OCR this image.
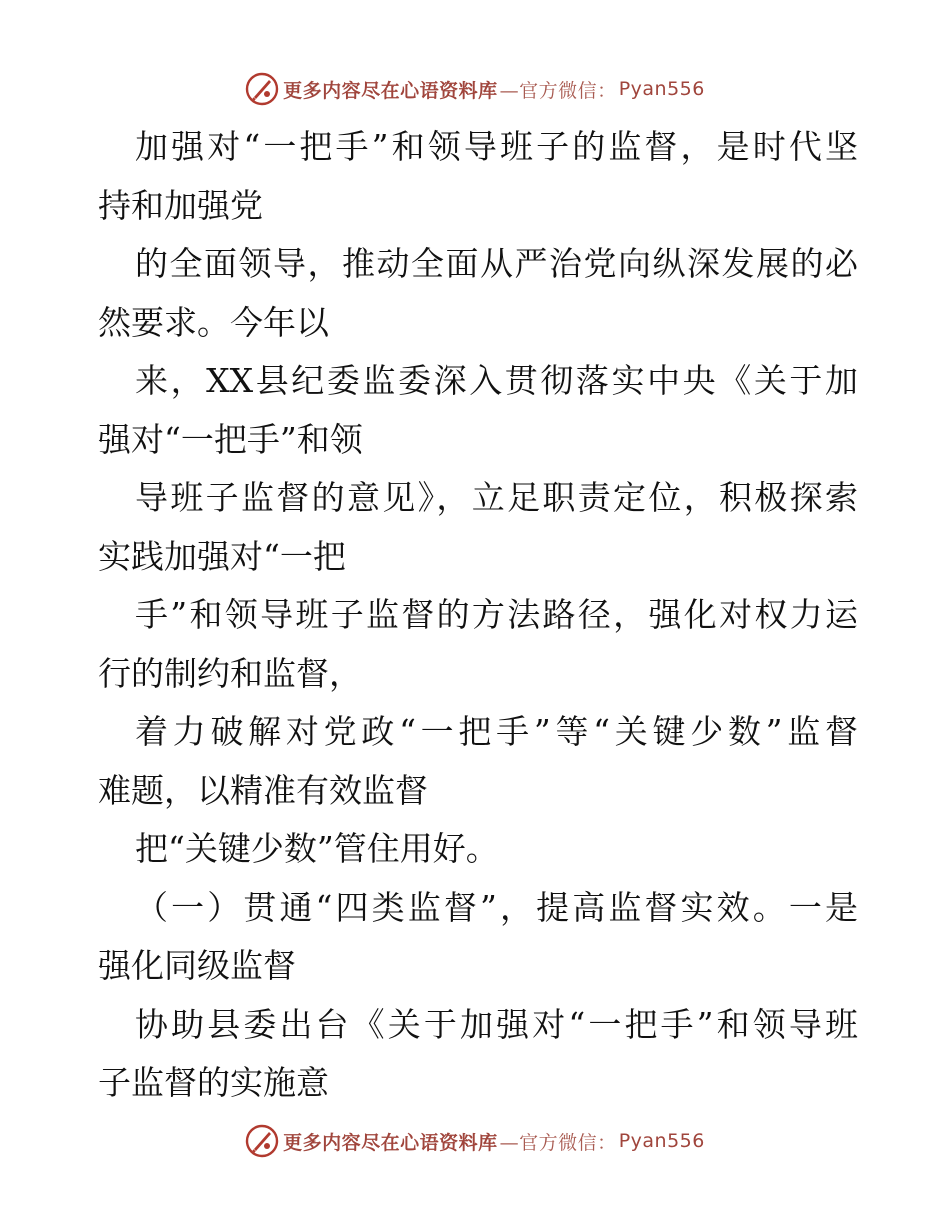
更多内容尽在心语资料库 —官方微信： Pyan556
加强对“一把手”和领导班子的监督，是时代坚
持和加强党
的全面领导，推动全面从严治党向纵深发展的必
然要求。今年以
来，XX县纪委监委深入贯彻落实中央《关于加
强对“一把手”和领
导班子监督的意见》，立足职责定位，积极探索
实践加强对“一把
手”和领导班子监督的方法路径，强化对权力运
行的制约和监督，
着力破解对党政“一把手”等“关键少数”监督
难题，以精准有效监督
把“关键少数”管住用好。
（一）贯通“四类监督”，提高监督实效。一是
强化同级监督
协助县委出台《关于加强对“一把手”和领导班
子监督的实施意
更多内容尽在心语资料库 —官方微信： Pyan556
